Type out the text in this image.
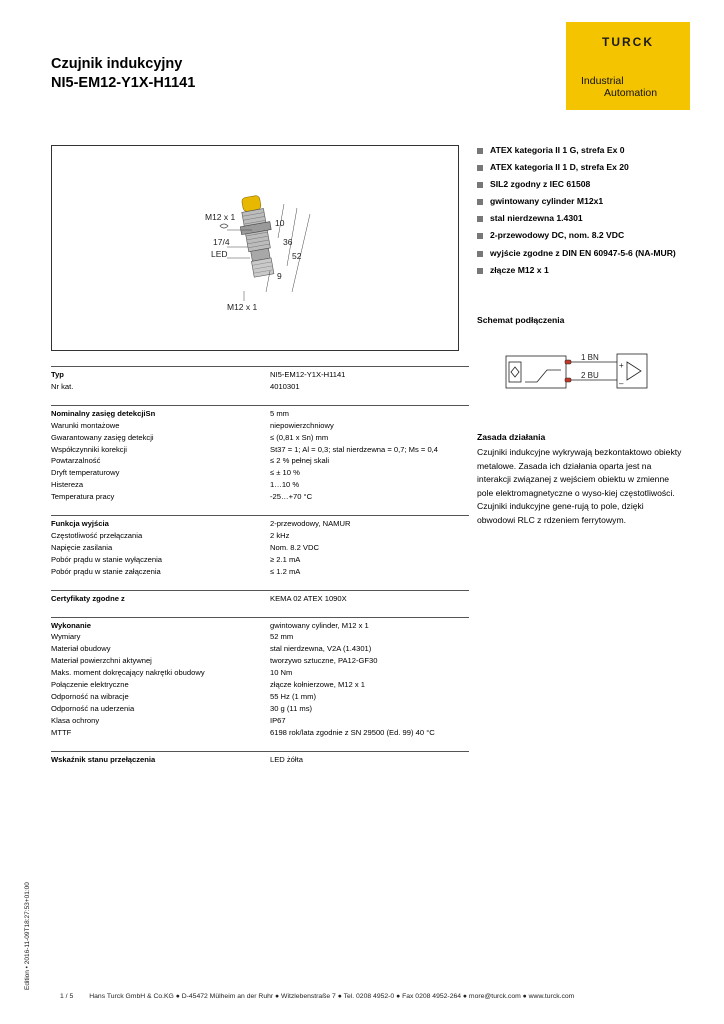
Czujnik indukcyjny
NI5-EM12-Y1X-H1141
TURCK
Industrial
Automation
M12 x 1
10
17/4	36
LED	52
9
M12 x 1
ATEX kategoria II 1 G, strefa Ex 0
ATEX kategoria II 1 D, strefa Ex 20
SIL2 zgodny z IEC 61508
gwintowany cylinder M12x1
stal nierdzewna 1.4301
2-przewodowy DC, nom. 8.2 VDC
wyjście zgodne z DIN EN 60947-5-6 (NA-MUR)
złącze M12 x 1
Schemat podłączenia
1 BN
2 BU
+
–
Zasada działania
Czujniki indukcyjne wykrywają bezkontaktowo obiekty metalowe. Zasada ich działania oparta jest na interakcji związanej z wejściem obiektu w zmienne pole elektromagnetyczne o wyso-kiej częstotliwości. Czujniki indukcyjne gene-rują to pole, dzięki obwodowi RLC z rdzeniem ferrytowym.
Typ	NI5-EM12-Y1X-H1141
Nr kat.	4010301
Nominalny zasięg detekcjiSn	5 mm
Warunki montażowe	niepowierzchniowy
Gwarantowany zasięg detekcji	≤ (0,81 x Sn) mm
Współczynniki korekcji	St37 = 1; Al = 0,3; stal nierdzewna = 0,7; Ms = 0,4
Powtarzalność	≤ 2 % pełnej skali
Dryft temperaturowy	≤ ± 10 %
Histereza	1…10 %
Temperatura pracy	-25…+70 °C
Funkcja wyjścia	2-przewodowy, NAMUR
Częstotliwość przełączania	2 kHz
Napięcie zasilania	Nom. 8.2 VDC
Pobór prądu w stanie wyłączenia	≥ 2.1 mA
Pobór prądu w stanie załączenia	≤ 1.2 mA
Certyfikaty zgodne z	KEMA 02 ATEX 1090X
Wykonanie	gwintowany cylinder, M12 x 1
Wymiary	52 mm
Materiał obudowy	stal nierdzewna, V2A (1.4301)
Materiał powierzchni aktywnej	tworzywo sztuczne, PA12-GF30
Maks. moment dokręcający nakrętki obudowy	10 Nm
Połączenie elektryczne	złącze kołnierzowe, M12 x 1
Odporność na wibracje	55 Hz (1 mm)
Odporność na uderzenia	30 g (11 ms)
Klasa ochrony	IP67
MTTF	6198 rok/lata zgodnie z SN 29500 (Ed. 99) 40 °C
Wskaźnik stanu przełączenia	LED żółta
Edition • 2016-11-09T18:27:53+01:00
1 / 5 Hans Turck GmbH & Co.KG ● D-45472 Mülheim an der Ruhr ● Witzlebenstraße 7 ● Tel. 0208 4952-0 ● Fax 0208 4952-264 ● more@turck.com ● www.turck.com
